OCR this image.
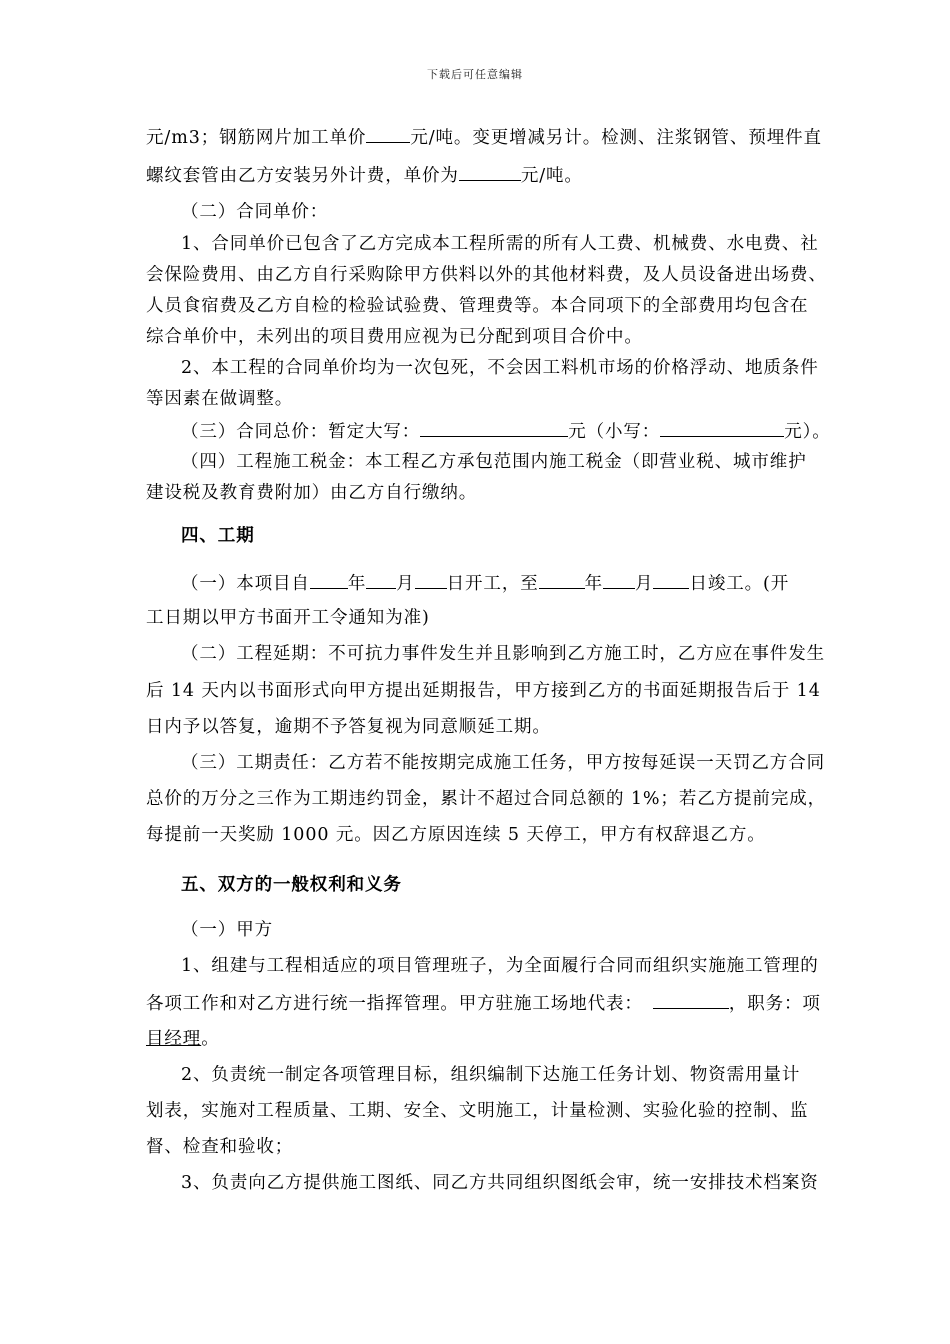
下载后可任意编辑
元/m3；钢筋网片加工单价	元/吨。变更增减另计。检测、注浆钢管、预埋件直
螺纹套管由乙方安装另外计费，单价为	元/吨。
（二）合同单价：
1、合同单价已包含了乙方完成本工程所需的所有人工费、机械费、水电费、社
会保险费用、由乙方自行采购除甲方供料以外的其他材料费，及人员设备进出场费、
人员食宿费及乙方自检的检验试验费、管理费等。本合同项下的全部费用均包含在
综合单价中，未列出的项目费用应视为已分配到项目合价中。
2、本工程的合同单价均为一次包死，不会因工料机市场的价格浮动、地质条件
等因素在做调整。
（三）合同总价：暂定大写：	元（小写：	元）。
（四）工程施工税金：本工程乙方承包范围内施工税金（即营业税、城市维护
建设税及教育费附加）由乙方自行缴纳。
四、工期
（一）本项目自 年 月 日开工，至	年 月 日竣工。(开
工日期以甲方书面开工令通知为准)
（二）工程延期：不可抗力事件发生并且影响到乙方施工时，乙方应在事件发生
后 14 天内以书面形式向甲方提出延期报告，甲方接到乙方的书面延期报告后于 14
日内予以答复，逾期不予答复视为同意顺延工期。
（三）工期责任：乙方若不能按期完成施工任务，甲方按每延误一天罚乙方合同
总价的万分之三作为工期违约罚金，累计不超过合同总额的 1%；若乙方提前完成，
每提前一天奖励 1000 元。因乙方原因连续 5 天停工，甲方有权辞退乙方。
五、双方的一般权利和义务
（一）甲方
1、组建与工程相适应的项目管理班子，为全面履行合同而组织实施施工管理的
各项工作和对乙方进行统一指挥管理。甲方驻施工场地代表：	，职务：项
目经理。
2、负责统一制定各项管理目标，组织编制下达施工任务计划、物资需用量计
划表，实施对工程质量、工期、安全、文明施工，计量检测、实验化验的控制、监
督、检查和验收；
3、负责向乙方提供施工图纸、同乙方共同组织图纸会审，统一安排技术档案资
